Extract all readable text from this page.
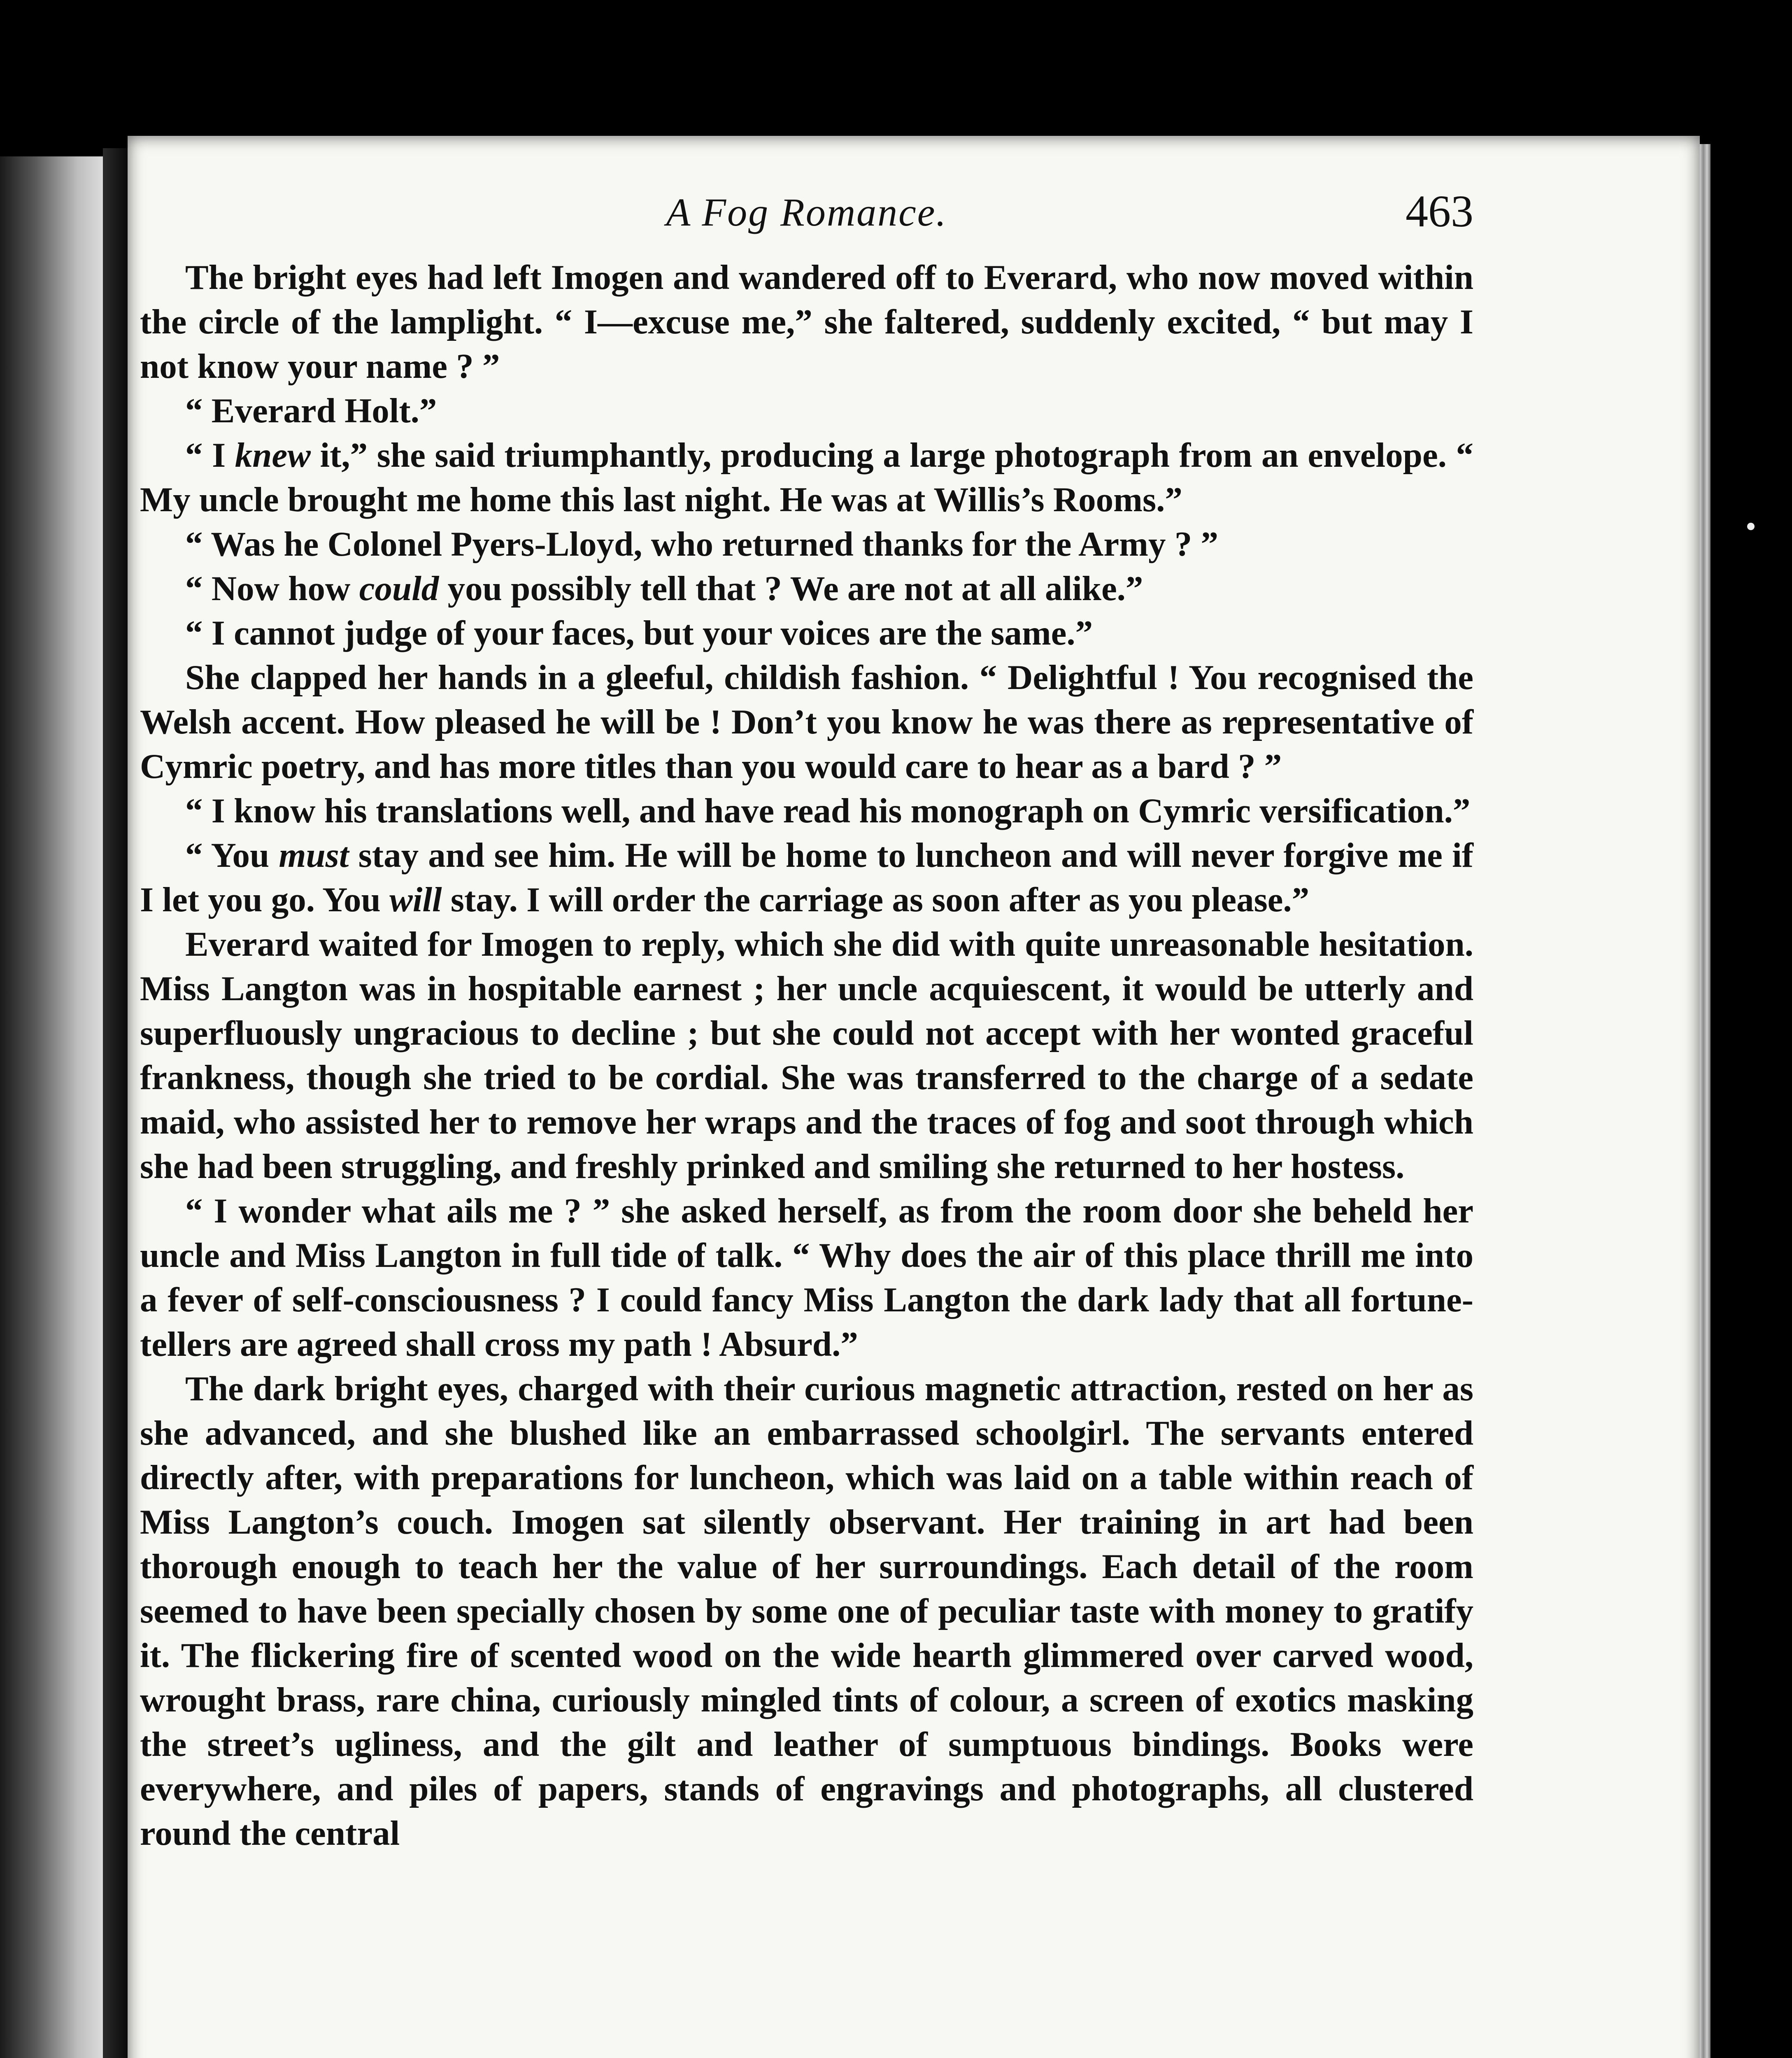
A Fog Romance.	463

The bright eyes had left Imogen and wandered off to Everard, who now moved within the circle of the lamplight. “ I—excuse me,” she faltered, suddenly excited, “ but may I not know your name ? ”

“ Everard Holt.”

“ I knew it,” she said triumphantly, producing a large photograph from an envelope. “ My uncle brought me home this last night. He was at Willis’s Rooms.”

“ Was he Colonel Pyers-Lloyd, who returned thanks for the Army ? ”

“ Now how could you possibly tell that ? We are not at all alike.”

“ I cannot judge of your faces, but your voices are the same.”

She clapped her hands in a gleeful, childish fashion. “ Delightful ! You recognised the Welsh accent. How pleased he will be ! Don’t you know he was there as representative of Cymric poetry, and has more titles than you would care to hear as a bard ? ”

“ I know his translations well, and have read his monograph on Cymric versification.”

“ You must stay and see him. He will be home to luncheon and will never forgive me if I let you go. You will stay. I will order the carriage as soon after as you please.”

Everard waited for Imogen to reply, which she did with quite unreasonable hesitation. Miss Langton was in hospitable earnest ; her uncle acquiescent, it would be utterly and superfluously ungracious to decline ; but she could not accept with her wonted graceful frankness, though she tried to be cordial. She was transferred to the charge of a sedate maid, who assisted her to remove her wraps and the traces of fog and soot through which she had been struggling, and freshly prinked and smiling she returned to her hostess.

“ I wonder what ails me ? ” she asked herself, as from the room door she beheld her uncle and Miss Langton in full tide of talk. “ Why does the air of this place thrill me into a fever of self-consciousness ? I could fancy Miss Langton the dark lady that all fortune-tellers are agreed shall cross my path ! Absurd.”

The dark bright eyes, charged with their curious magnetic attraction, rested on her as she advanced, and she blushed like an embarrassed schoolgirl. The servants entered directly after, with preparations for luncheon, which was laid on a table within reach of Miss Langton’s couch. Imogen sat silently observant. Her training in art had been thorough enough to teach her the value of her surroundings. Each detail of the room seemed to have been specially chosen by some one of peculiar taste with money to gratify it. The flickering fire of scented wood on the wide hearth glimmered over carved wood, wrought brass, rare china, curiously mingled tints of colour, a screen of exotics masking the street’s ugliness, and the gilt and leather of sumptuous bindings. Books were everywhere, and piles of papers, stands of engravings and photographs, all clustered round the central
